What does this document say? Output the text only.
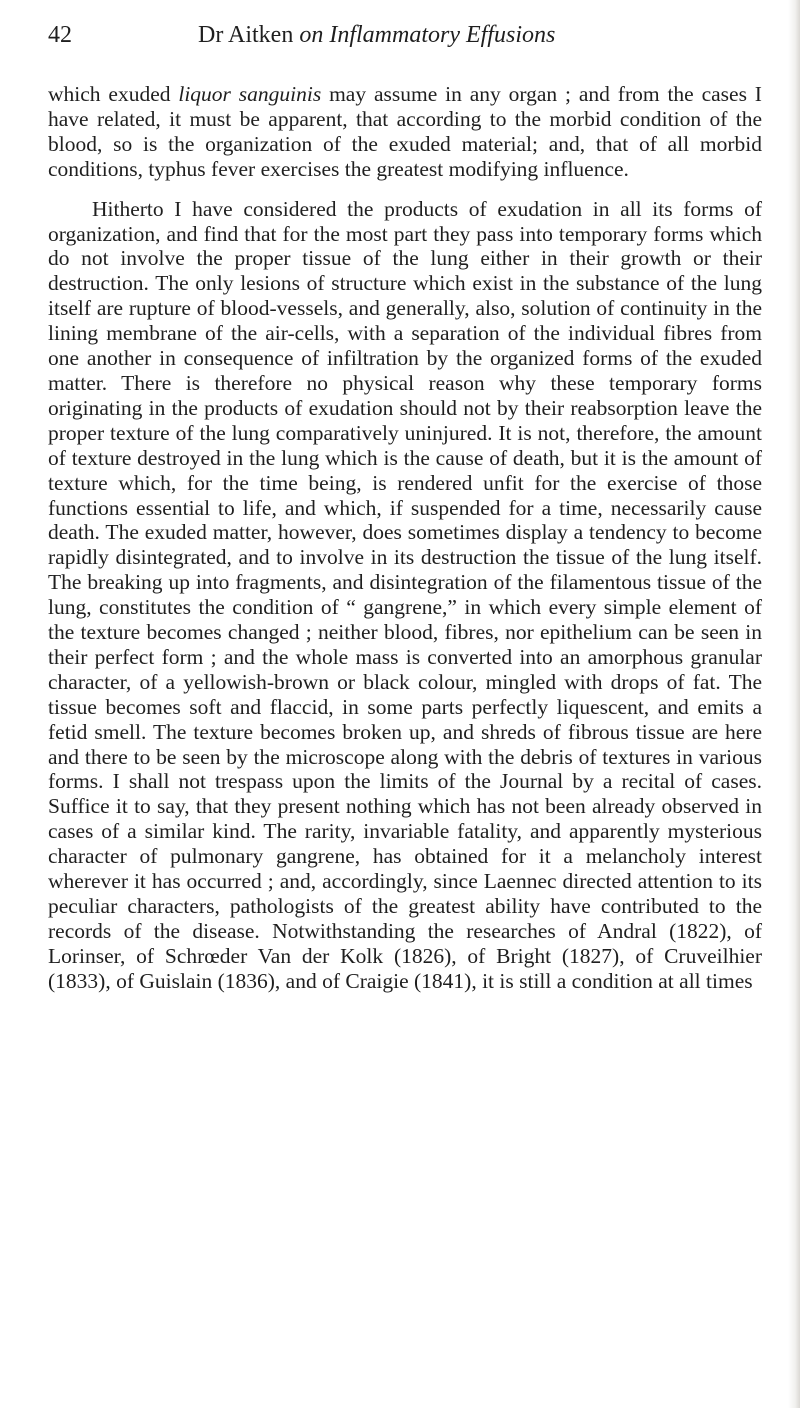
42	Dr Aitken on Inflammatory Effusions

which exuded liquor sanguinis may assume in any organ ; and from the cases I have related, it must be apparent, that according to the morbid condition of the blood, so is the organization of the exuded material; and, that of all morbid conditions, typhus fever exercises the greatest modifying influence.

Hitherto I have considered the products of exudation in all its forms of organization, and find that for the most part they pass into temporary forms which do not involve the proper tissue of the lung either in their growth or their destruction. The only lesions of structure which exist in the substance of the lung itself are rupture of blood-vessels, and generally, also, solution of continuity in the lining membrane of the air-cells, with a separation of the individual fibres from one another in consequence of infiltration by the organized forms of the exuded matter. There is therefore no physical reason why these temporary forms originating in the products of exudation should not by their reabsorption leave the proper texture of the lung comparatively uninjured. It is not, therefore, the amount of texture destroyed in the lung which is the cause of death, but it is the amount of texture which, for the time being, is rendered unfit for the exercise of those functions essential to life, and which, if suspended for a time, necessarily cause death. The exuded matter, however, does sometimes display a tendency to become rapidly disintegrated, and to involve in its destruction the tissue of the lung itself. The breaking up into fragments, and disintegration of the filamentous tissue of the lung, constitutes the condition of “ gangrene,” in which every simple element of the texture becomes changed ; neither blood, fibres, nor epithelium can be seen in their perfect form ; and the whole mass is converted into an amorphous granular character, of a yellowish-brown or black colour, mingled with drops of fat. The tissue becomes soft and flaccid, in some parts perfectly liquescent, and emits a fetid smell. The texture becomes broken up, and shreds of fibrous tissue are here and there to be seen by the microscope along with the debris of textures in various forms. I shall not trespass upon the limits of the Journal by a recital of cases. Suffice it to say, that they present nothing which has not been already observed in cases of a similar kind. The rarity, invariable fatality, and apparently mysterious character of pulmonary gangrene, has obtained for it a melancholy interest wherever it has occurred ; and, accordingly, since Laennec directed attention to its peculiar characters, pathologists of the greatest ability have contributed to the records of the disease. Notwithstanding the researches of Andral (1822), of Lorinser, of Schrœder Van der Kolk (1826), of Bright (1827), of Cruveilhier (1833), of Guislain (1836), and of Craigie (1841), it is still a condition at all times
